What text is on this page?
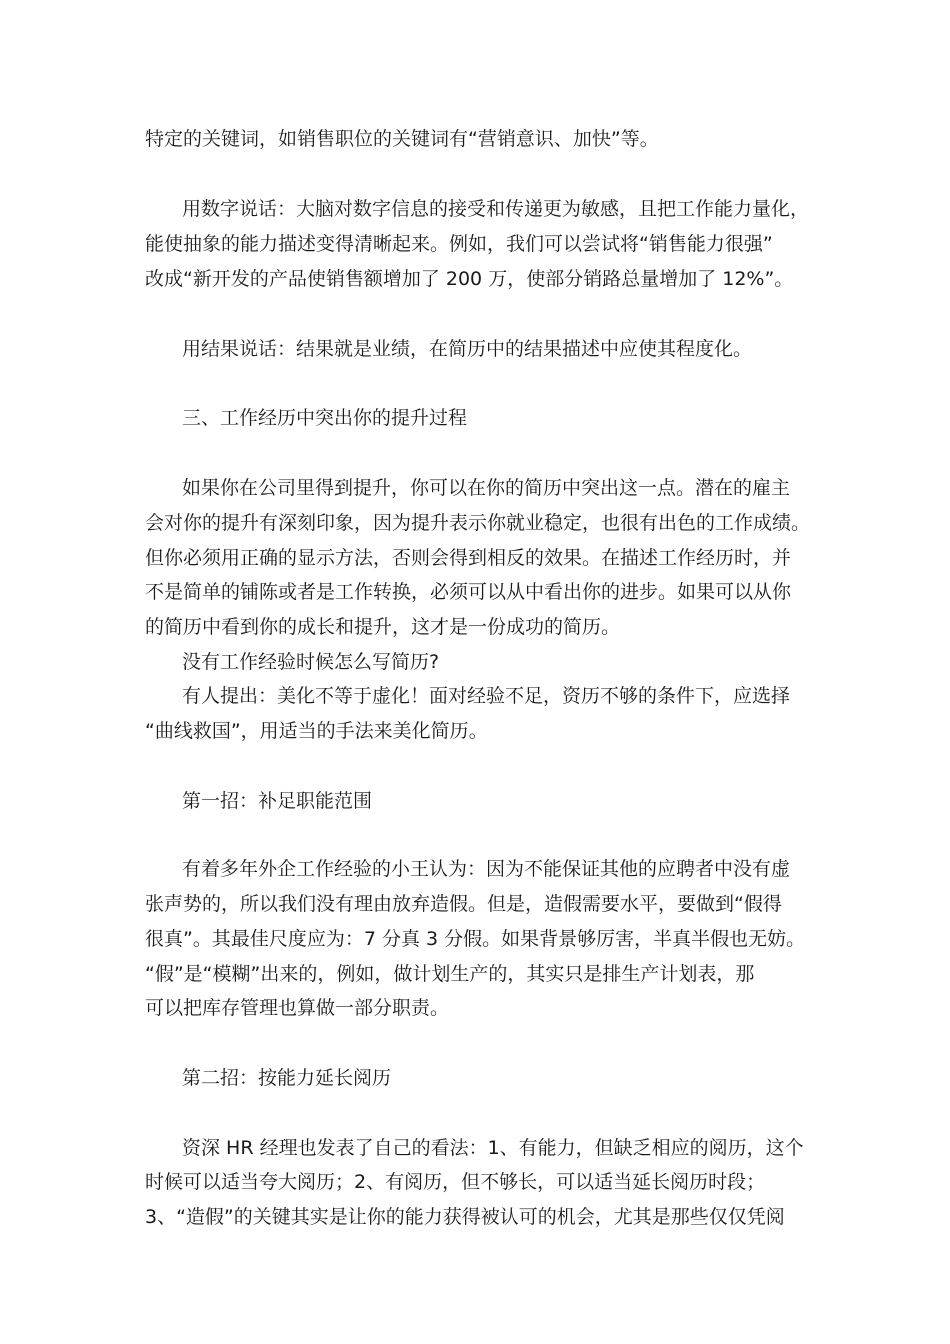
特定的关键词，如销售职位的关键词有“营销意识、加快”等。
用数字说话：大脑对数字信息的接受和传递更为敏感，且把工作能力量化，
能使抽象的能力描述变得清晰起来。例如，我们可以尝试将“销售能力很强”
改成“新开发的产品使销售额增加了 200 万，使部分销路总量增加了 12%”。
用结果说话：结果就是业绩，在简历中的结果描述中应使其程度化。
三、工作经历中突出你的提升过程
如果你在公司里得到提升，你可以在你的简历中突出这一点。潜在的雇主
会对你的提升有深刻印象，因为提升表示你就业稳定，也很有出色的工作成绩。
但你必须用正确的显示方法，否则会得到相反的效果。在描述工作经历时，并
不是简单的铺陈或者是工作转换，必须可以从中看出你的进步。如果可以从你
的简历中看到你的成长和提升，这才是一份成功的简历。
没有工作经验时候怎么写简历?
有人提出：美化不等于虚化！面对经验不足，资历不够的条件下，应选择
“曲线救国”，用适当的手法来美化简历。
第一招：补足职能范围
有着多年外企工作经验的小王认为：因为不能保证其他的应聘者中没有虚
张声势的，所以我们没有理由放弃造假。但是，造假需要水平，要做到“假得
很真”。其最佳尺度应为：7 分真 3 分假。如果背景够厉害，半真半假也无妨。
“假”是“模糊”出来的，例如，做计划生产的，其实只是排生产计划表，那
可以把库存管理也算做一部分职责。
第二招：按能力延长阅历
资深 HR 经理也发表了自己的看法：1、有能力，但缺乏相应的阅历，这个
时候可以适当夸大阅历；2、有阅历，但不够长，可以适当延长阅历时段；
3、“造假”的关键其实是让你的能力获得被认可的机会，尤其是那些仅仅凭阅
